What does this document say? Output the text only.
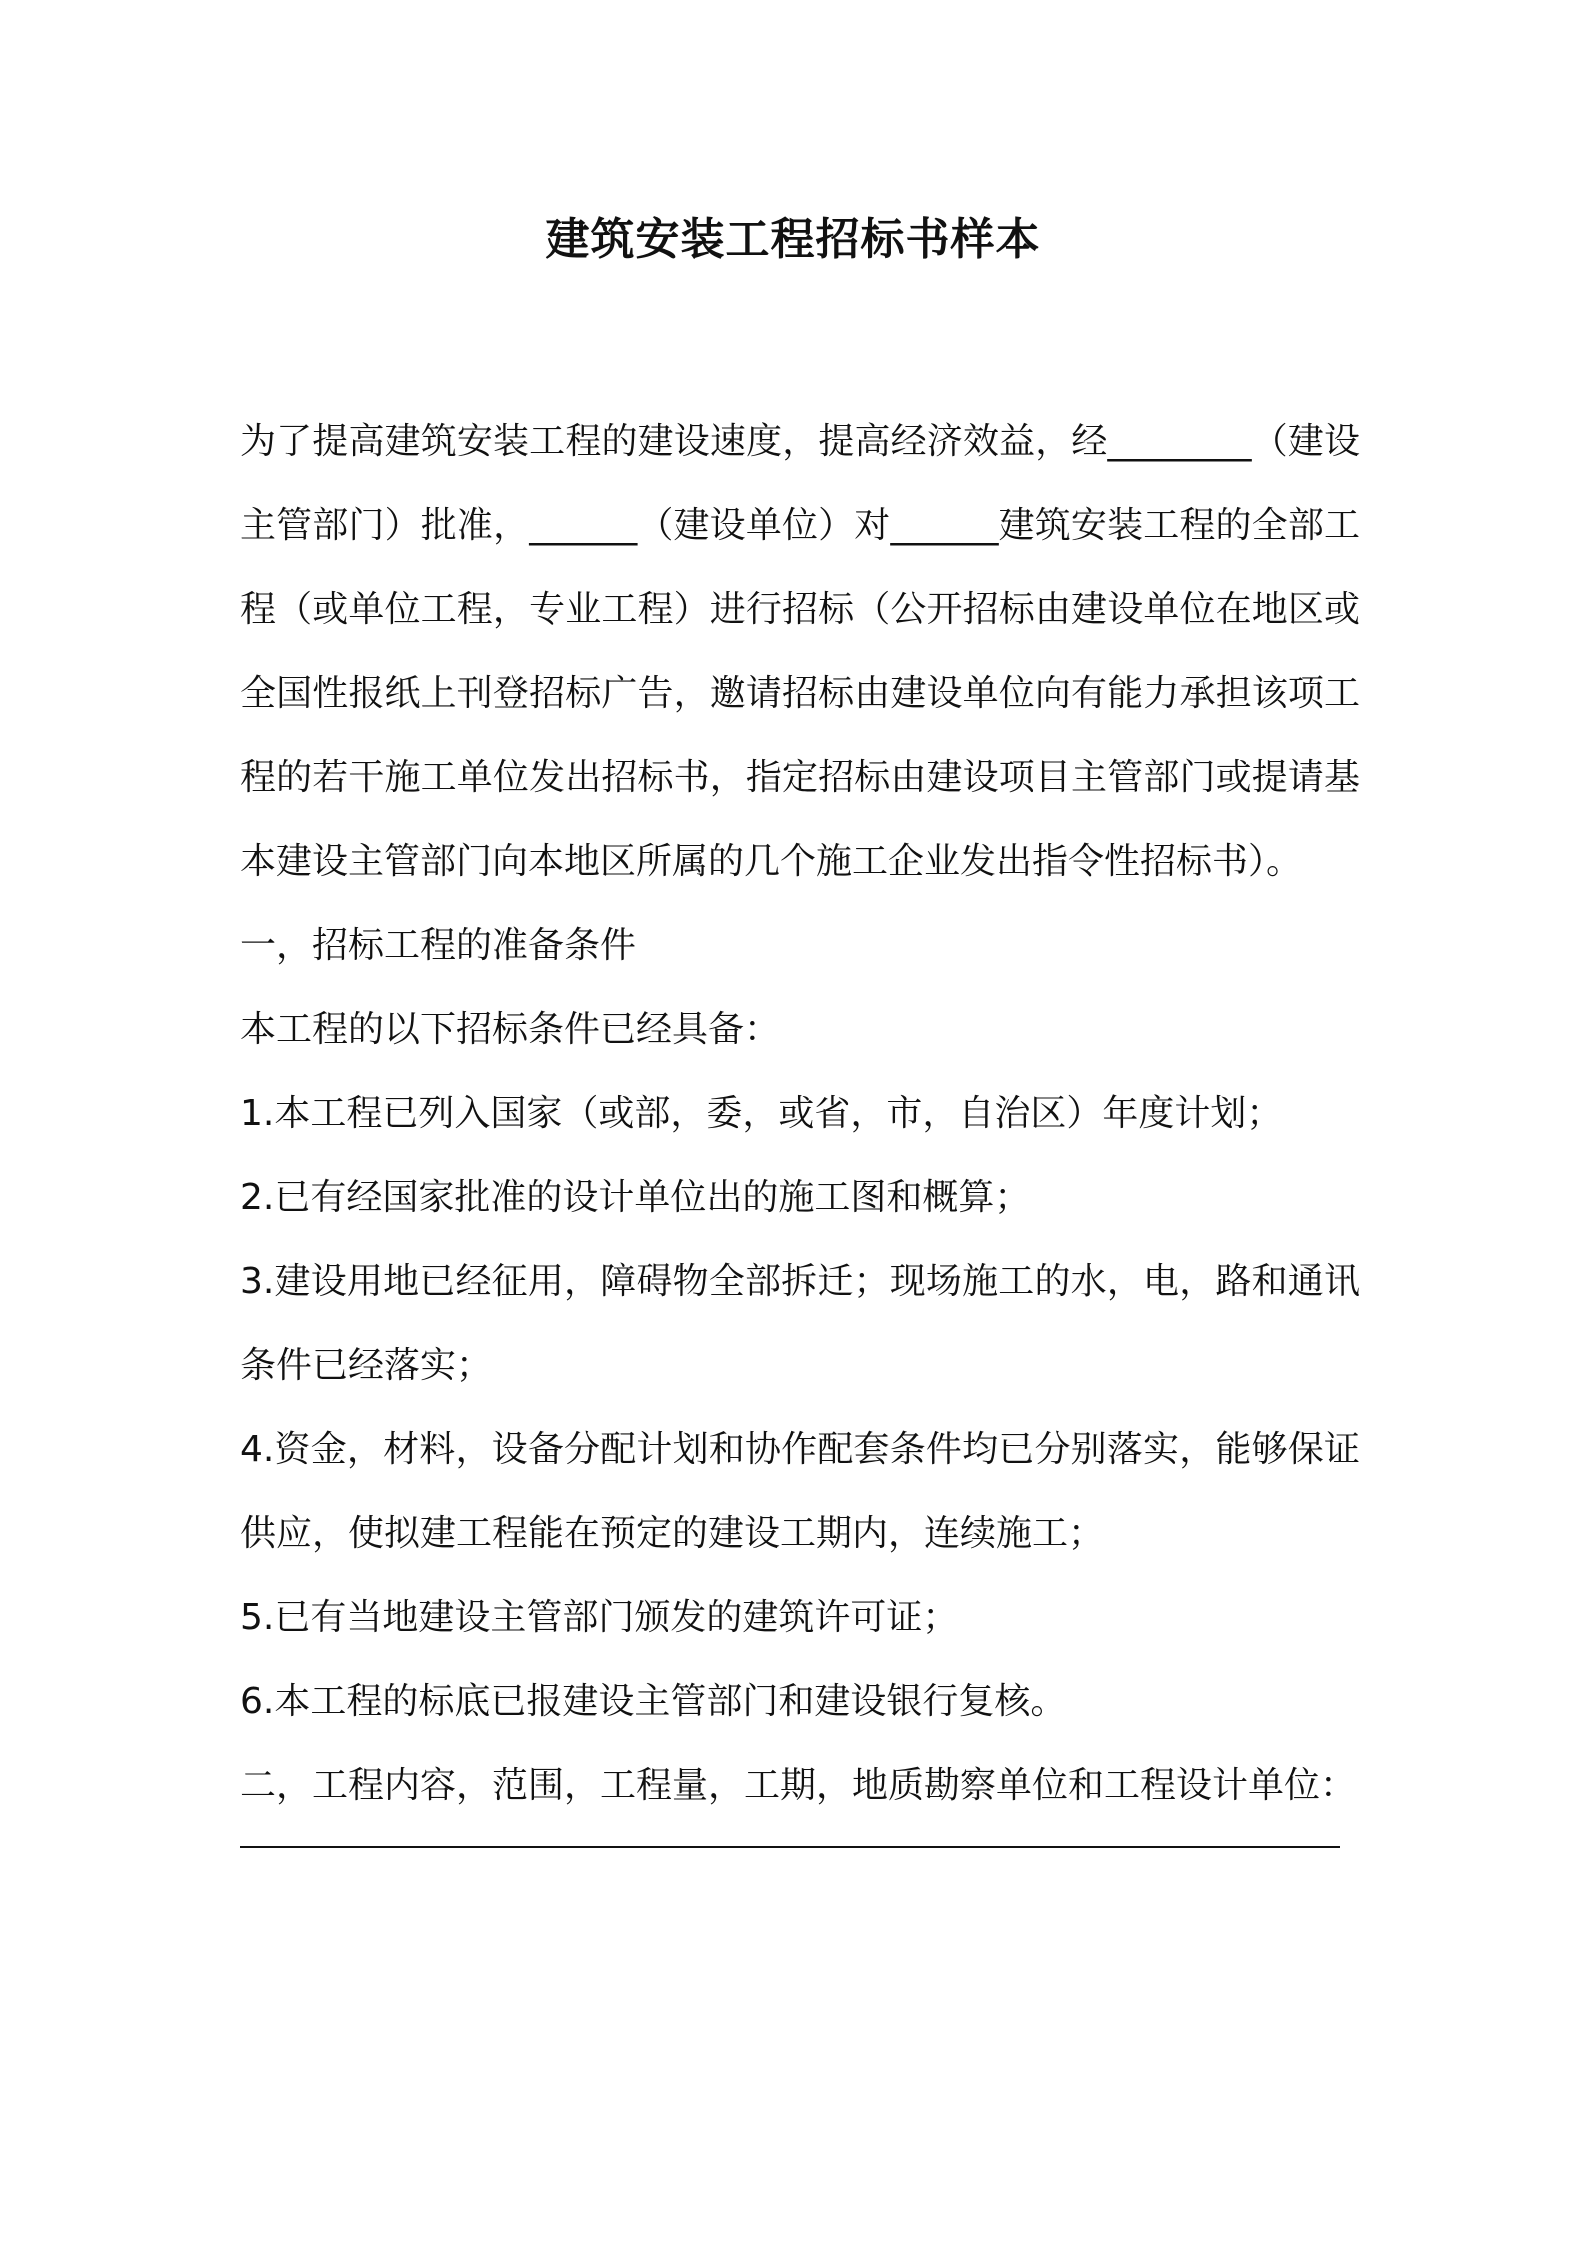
建筑安装工程招标书样本

为了提高建筑安装工程的建设速度，提高经济效益，经________（建设主管部门）批准，______（建设单位）对______建筑安装工程的全部工程（或单位工程，专业工程）进行招标（公开招标由建设单位在地区或全国性报纸上刊登招标广告，邀请招标由建设单位向有能力承担该项工程的若干施工单位发出招标书，指定招标由建设项目主管部门或提请基本建设主管部门向本地区所属的几个施工企业发出指令性招标书）。

一，招标工程的准备条件

本工程的以下招标条件已经具备：

1.本工程已列入国家（或部，委，或省，市，自治区）年度计划；

2.已有经国家批准的设计单位出的施工图和概算；

3.建设用地已经征用，障碍物全部拆迁；现场施工的水，电，路和通讯条件已经落实；

4.资金，材料，设备分配计划和协作配套条件均已分别落实，能够保证供应，使拟建工程能在预定的建设工期内，连续施工；

5.已有当地建设主管部门颁发的建筑许可证；

6.本工程的标底已报建设主管部门和建设银行复核。

二，工程内容，范围，工程量，工期，地质勘察单位和工程设计单位：
